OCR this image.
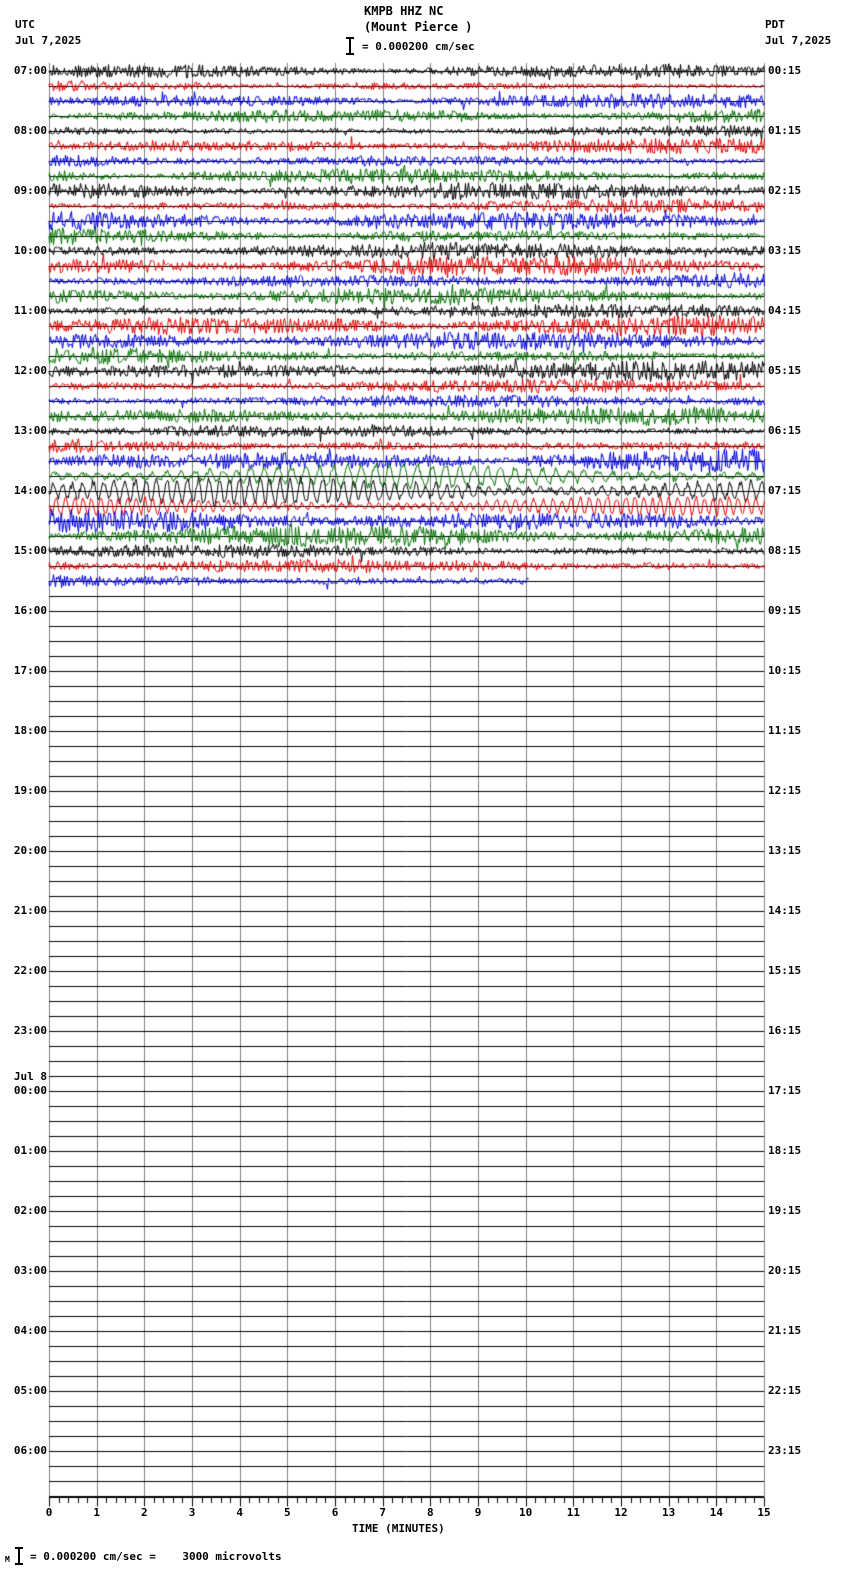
KMPB HHZ NC
(Mount Pierce )
UTC
Jul 7,2025
PDT
Jul 7,2025
= 0.000200 cm/sec
07:00
08:00
09:00
10:00
11:00
12:00
13:00
14:00
15:00
16:00
17:00
18:00
19:00
20:00
21:00
22:00
23:00
00:00
Jul 8
01:00
02:00
03:00
04:00
05:00
06:00
00:15
01:15
02:15
03:15
04:15
05:15
06:15
07:15
08:15
09:15
10:15
11:15
12:15
13:15
14:15
15:15
16:15
17:15
18:15
19:15
20:15
21:15
22:15
23:15
0	1	2	3	4	5	6	7	8	9	10	11	12	13	14	15
TIME (MINUTES)
M = 0.000200 cm/sec =    3000 microvolts
